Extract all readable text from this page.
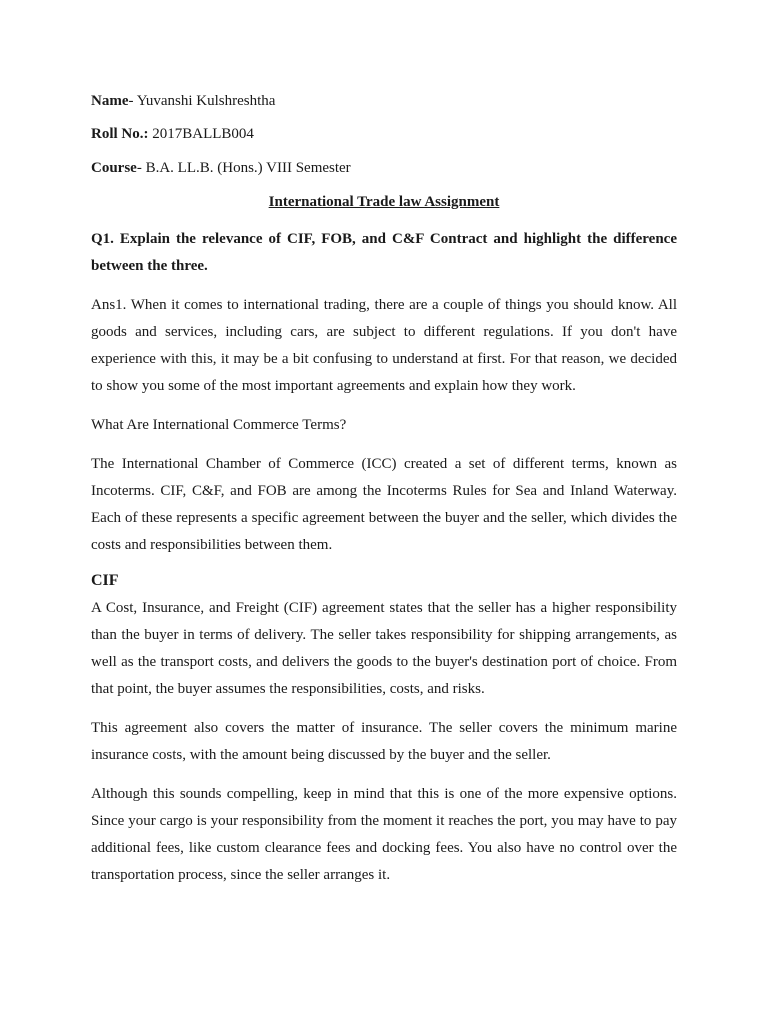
Name- Yuvanshi Kulshreshtha

Roll No.: 2017BALLB004

Course- B.A. LL.B. (Hons.) VIII Semester

International Trade law Assignment

Q1. Explain the relevance of CIF, FOB, and C&F Contract and highlight the difference between the three.

Ans1. When it comes to international trading, there are a couple of things you should know. All goods and services, including cars, are subject to different regulations. If you don't have experience with this, it may be a bit confusing to understand at first. For that reason, we decided to show you some of the most important agreements and explain how they work.

What Are International Commerce Terms?

The International Chamber of Commerce (ICC) created a set of different terms, known as Incoterms. CIF, C&F, and FOB are among the Incoterms Rules for Sea and Inland Waterway. Each of these represents a specific agreement between the buyer and the seller, which divides the costs and responsibilities between them.

CIF

A Cost, Insurance, and Freight (CIF) agreement states that the seller has a higher responsibility than the buyer in terms of delivery. The seller takes responsibility for shipping arrangements, as well as the transport costs, and delivers the goods to the buyer's destination port of choice. From that point, the buyer assumes the responsibilities, costs, and risks.

This agreement also covers the matter of insurance. The seller covers the minimum marine insurance costs, with the amount being discussed by the buyer and the seller.

Although this sounds compelling, keep in mind that this is one of the more expensive options. Since your cargo is your responsibility from the moment it reaches the port, you may have to pay additional fees, like custom clearance fees and docking fees. You also have no control over the transportation process, since the seller arranges it.
